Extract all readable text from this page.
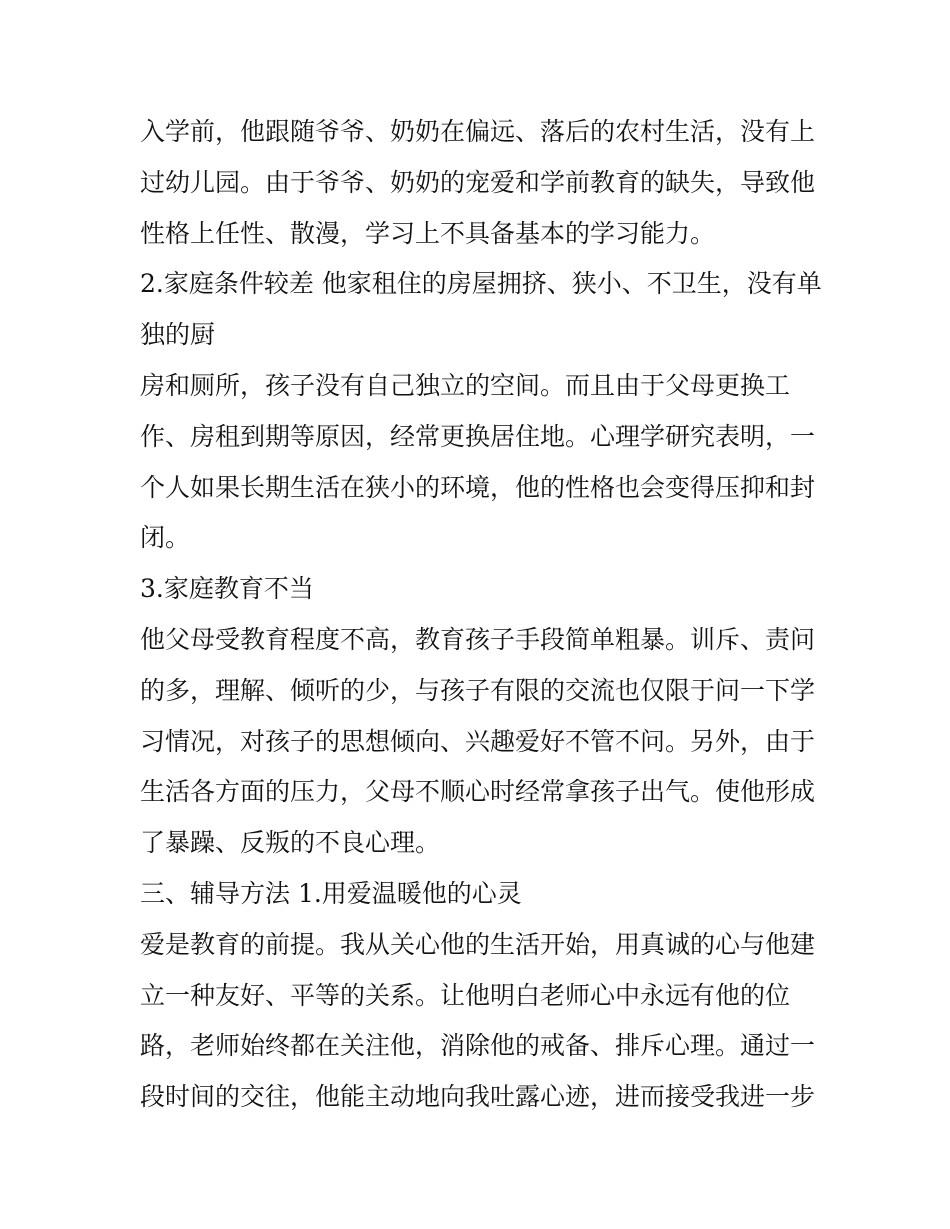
入学前，他跟随爷爷、奶奶在偏远、落后的农村生活，没有上
过幼儿园。由于爷爷、奶奶的宠爱和学前教育的缺失，导致他
性格上任性、散漫，学习上不具备基本的学习能力。
2.家庭条件较差 他家租住的房屋拥挤、狭小、不卫生，没有单
独的厨
房和厕所，孩子没有自己独立的空间。而且由于父母更换工
作、房租到期等原因，经常更换居住地。心理学研究表明，一
个人如果长期生活在狭小的环境，他的性格也会变得压抑和封
闭。
3.家庭教育不当
他父母受教育程度不高，教育孩子手段简单粗暴。训斥、责问
的多，理解、倾听的少，与孩子有限的交流也仅限于问一下学
习情况，对孩子的思想倾向、兴趣爱好不管不问。另外，由于
生活各方面的压力，父母不顺心时经常拿孩子出气。使他形成
了暴躁、反叛的不良心理。
三、辅导方法 1.用爱温暖他的心灵
爱是教育的前提。我从关心他的生活开始，用真诚的心与他建
立一种友好、平等的关系。让他明白老师心中永远有他的位
路，老师始终都在关注他，消除他的戒备、排斥心理。通过一
段时间的交往，他能主动地向我吐露心迹，进而接受我进一步
